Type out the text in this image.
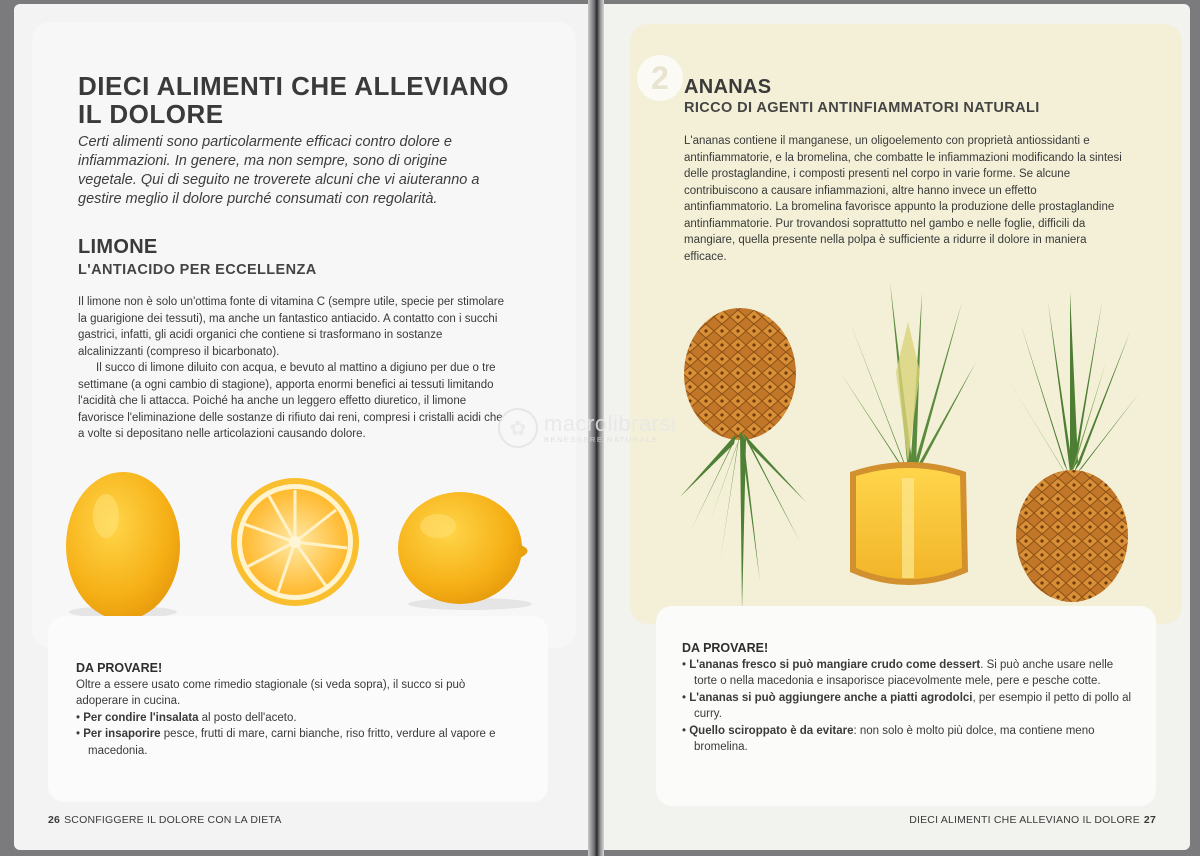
DIECI ALIMENTI CHE ALLEVIANO IL DOLORE
Certi alimenti sono particolarmente efficaci contro dolore e infiammazioni. In genere, ma non sempre, sono di origine vegetale. Qui di seguito ne troverete alcuni che vi aiuteranno a gestire meglio il dolore purché consumati con regolarità.
LIMONE
L'ANTIACIDO PER ECCELLENZA

Il limone non è solo un'ottima fonte di vitamina C (sempre utile, specie per stimolare la guarigione dei tessuti), ma anche un fantastico antiacido. A contatto con i succhi gastrici, infatti, gli acidi organici che contiene si trasformano in sostanze alcalinizzanti (compreso il bicarbonato).

Il succo di limone diluito con acqua, e bevuto al mattino a digiuno per due o tre settimane (a ogni cambio di stagione), apporta enormi benefici ai tessuti limitando l'acidità che li attacca. Poiché ha anche un leggero effetto diuretico, il limone favorisce l'eliminazione delle sostanze di rifiuto dai reni, compresi i cristalli acidi che a volte si depositano nelle articolazioni causando dolore.

DA PROVARE!

Oltre a essere usato come rimedio stagionale (si veda sopra), il succo si può adoperare in cucina.

• Per condire l'insalata al posto dell'aceto.

• Per insaporire pesce, frutti di mare, carni bianche, riso fritto, verdure al vapore e macedonia.

26 SCONFIGGERE IL DOLORE CON LA DIETA
2 ANANAS
RICCO DI AGENTI ANTINFIAMMATORI NATURALI

L'ananas contiene il manganese, un oligoelemento con proprietà antiossidanti e antinfiammatorie, e la bromelina, che combatte le infiammazioni modificando la sintesi delle prostaglandine, i composti presenti nel corpo in varie forme. Se alcune contribuiscono a causare infiammazioni, altre hanno invece un effetto antinfiammatorio. La bromelina favorisce appunto la produzione delle prostaglandine antinfiammatorie. Pur trovandosi soprattutto nel gambo e nelle foglie, difficili da mangiare, quella presente nella polpa è sufficiente a ridurre il dolore in maniera efficace.

DA PROVARE!

• L'ananas fresco si può mangiare crudo come dessert. Si può anche usare nelle torte o nella macedonia e insaporisce piacevolmente mele, pere e pesche cotte.

• L'ananas si può aggiungere anche a piatti agrodolci, per esempio il petto di pollo al curry.

• Quello sciroppato è da evitare: non solo è molto più dolce, ma contiene meno bromelina.

DIECI ALIMENTI CHE ALLEVIANO IL DOLORE 27
✿ macrolibrarsi
BENESSERE NATURALE
